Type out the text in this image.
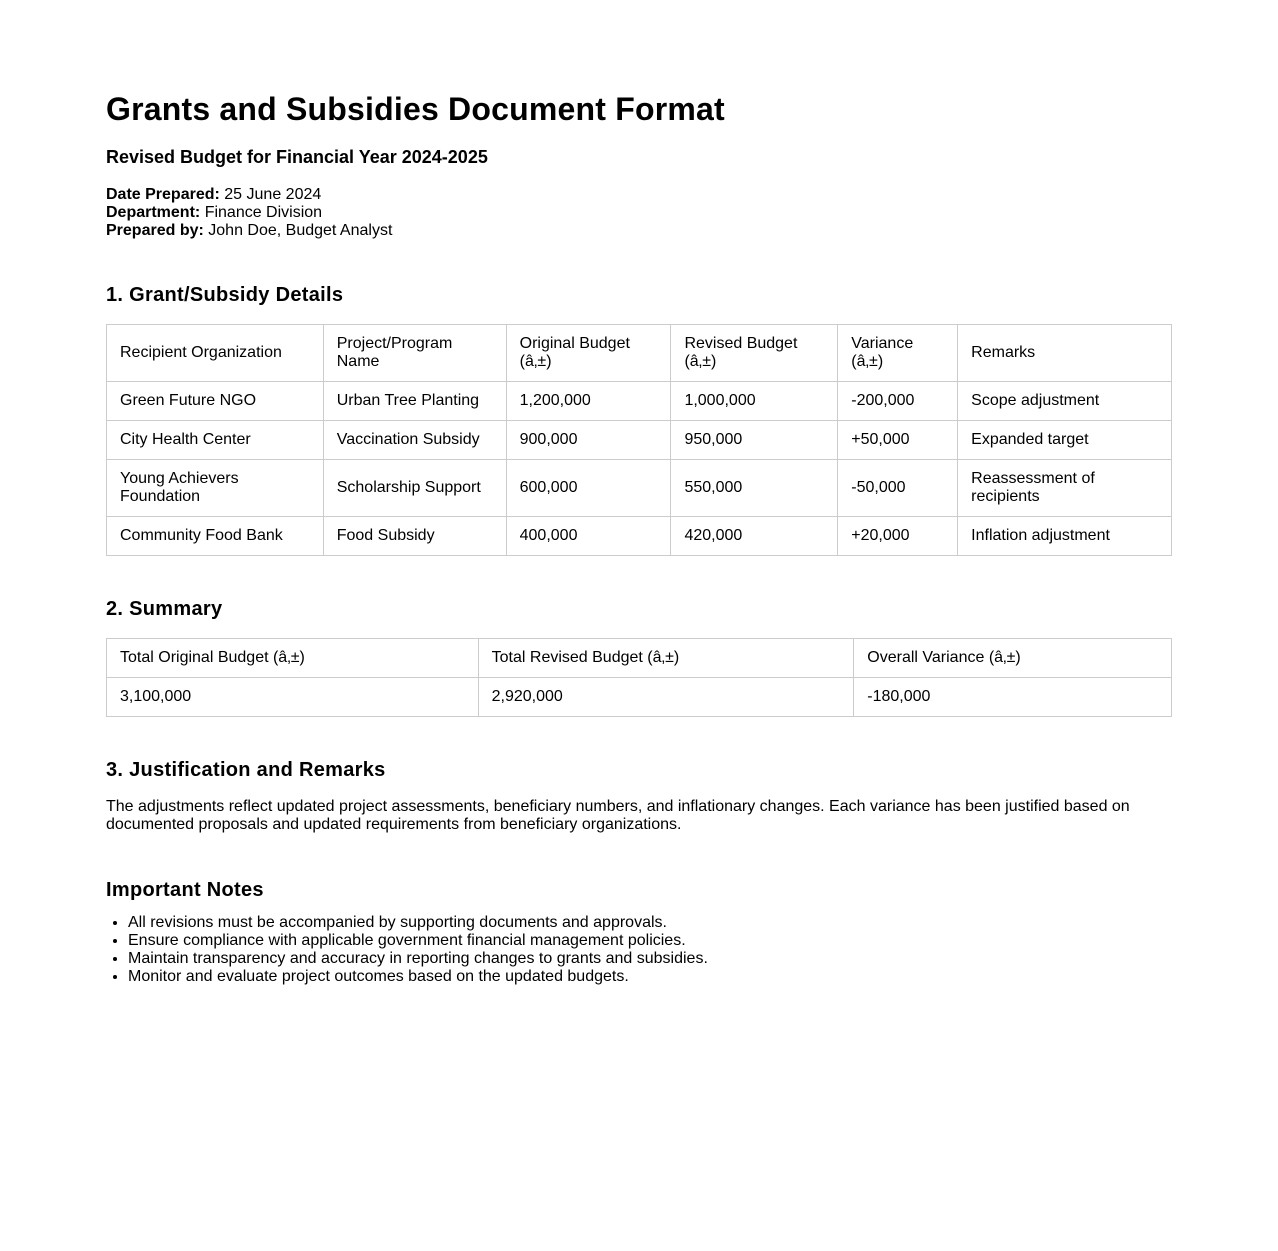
Grants and Subsidies Document Format
Revised Budget for Financial Year 2024-2025
Date Prepared: 25 June 2024
Department: Finance Division
Prepared by: John Doe, Budget Analyst
1. Grant/Subsidy Details
Recipient Organization	Project/Program Name	Original Budget (â‚±)	Revised Budget (â‚±)	Variance (â‚±)	Remarks
Green Future NGO	Urban Tree Planting	1,200,000	1,000,000	-200,000	Scope adjustment
City Health Center	Vaccination Subsidy	900,000	950,000	+50,000	Expanded target
Young Achievers Foundation	Scholarship Support	600,000	550,000	-50,000	Reassessment of recipients
Community Food Bank	Food Subsidy	400,000	420,000	+20,000	Inflation adjustment
2. Summary
Total Original Budget (â‚±)	Total Revised Budget (â‚±)	Overall Variance (â‚±)
3,100,000	2,920,000	-180,000
3. Justification and Remarks

The adjustments reflect updated project assessments, beneficiary numbers, and inflationary changes. Each variance has been justified based on documented proposals and updated requirements from beneficiary organizations.

Important Notes
• All revisions must be accompanied by supporting documents and approvals.
• Ensure compliance with applicable government financial management policies.
• Maintain transparency and accuracy in reporting changes to grants and subsidies.
• Monitor and evaluate project outcomes based on the updated budgets.
